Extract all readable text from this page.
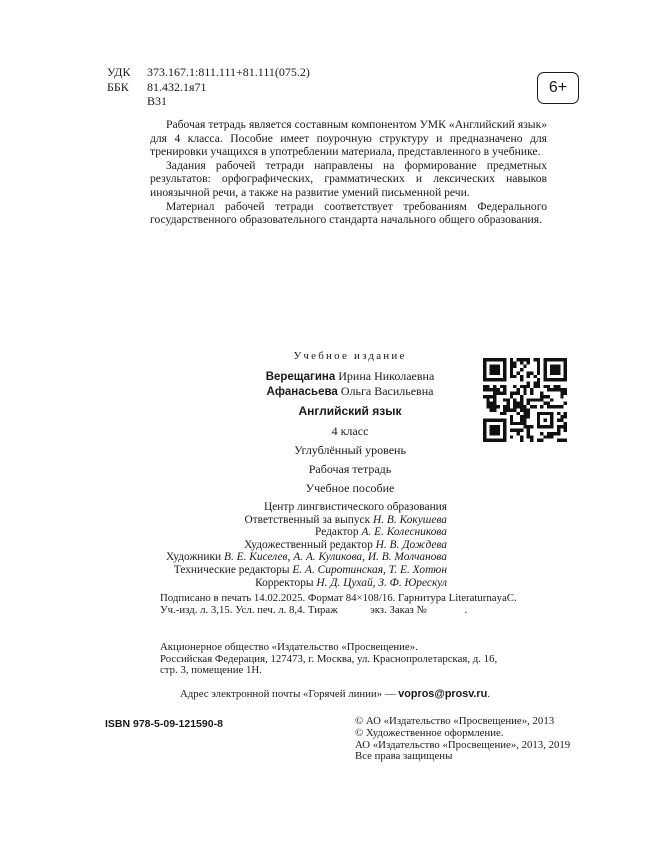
УДК 373.167.1:811.111+81.111(075.2)
ББК 81.432.1я71
В31
6+

Рабочая тетрадь является составным компонентом УМК «Английский язык» для 4 класса. Пособие имеет поурочную структуру и предназначено для тренировки учащихся в употреблении материала, представленного в учебнике.

Задания рабочей тетради направлены на формирование предметных результатов: орфографических, грамматических и лексических навыков иноязычной речи, а также на развитие умений письменной речи.

Материал рабочей тетради соответствует требованиям Федерального государственного образовательного стандарта начального общего образования.

Учебное издание
Верещагина Ирина Николаевна
Афанасьева Ольга Васильевна
Английский язык
4 класс
Углублённый уровень
Рабочая тетрадь
Учебное пособие
Центр лингвистического образования
Ответственный за выпуск Н. В. Кокушева
Редактор А. Е. Колесникова
Художественный редактор Н. В. Дождева
Художники В. Е. Киселев, А. А. Куликова, И. В. Молчанова
Технические редакторы Е. А. Сиротинская, Т. Е. Хотюн
Корректоры Н. Д. Цухай, З. Ф. Юрескул
Подписано в печать 14.02.2025. Формат 84×108/16. Гарнитура LiteraturnayaC.
Уч.-изд. л. 3,15. Усл. печ. л. 8,4. Тираж            экз. Заказ №              .
Акционерное общество «Издательство «Просвещение».
Российская Федерация, 127473, г. Москва, ул. Краснопролетарская, д. 16,
стр. 3, помещение 1Н.
Адрес электронной почты «Горячей линии» — vopros@prosv.ru.
ISBN 978-5-09-121590-8	© АО «Издательство «Просвещение», 2013
© Художественное оформление.
АО «Издательство «Просвещение», 2013, 2019
Все права защищены
